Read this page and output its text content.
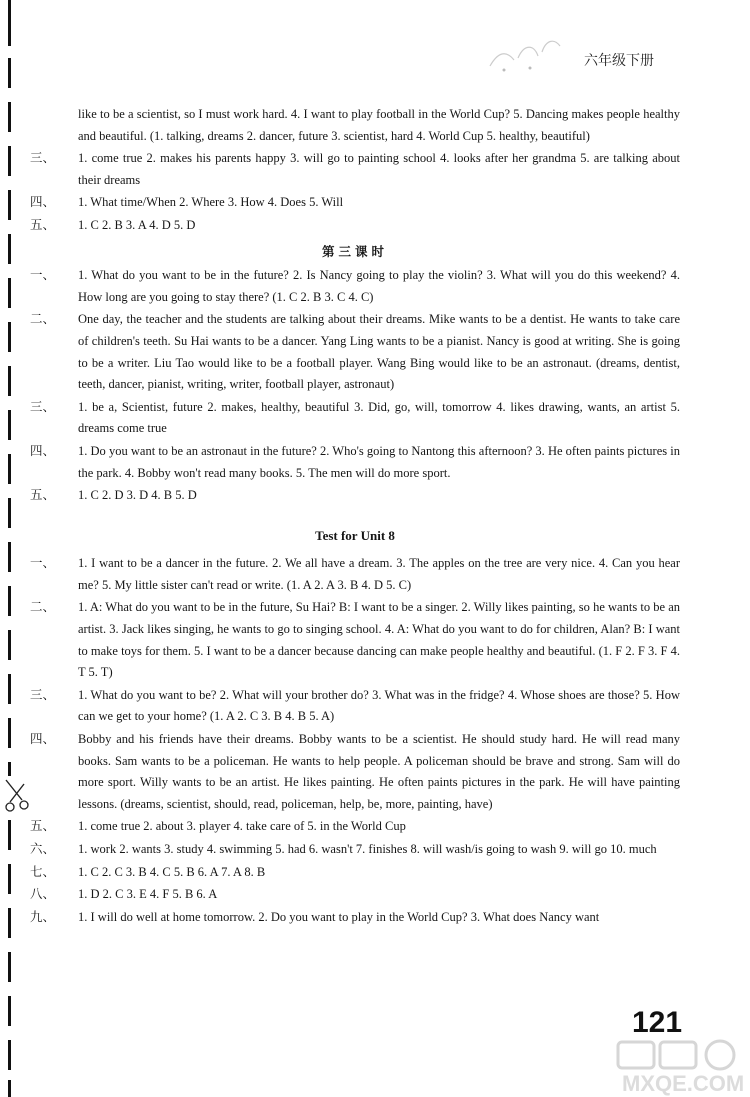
六年级下册

like to be a scientist, so I must work hard. 4. I want to play football in the World Cup? 5. Dancing makes people healthy and beautiful. (1. talking, dreams 2. dancer, future 3. scientist, hard 4. World Cup 5. healthy, beautiful)

三、 1. come true 2. makes his parents happy 3. will go to painting school 4. looks after her grandma 5. are talking about their dreams

四、 1. What time/When 2. Where 3. How 4. Does 5. Will

五、 1. C 2. B 3. A 4. D 5. D

第三课时

一、 1. What do you want to be in the future? 2. Is Nancy going to play the violin? 3. What will you do this weekend? 4. How long are you going to stay there? (1. C 2. B 3. C 4. C)

二、 One day, the teacher and the students are talking about their dreams. Mike wants to be a dentist. He wants to take care of children's teeth. Su Hai wants to be a dancer. Yang Ling wants to be a pianist. Nancy is good at writing. She is going to be a writer. Liu Tao would like to be a football player. Wang Bing would like to be an astronaut. (dreams, dentist, teeth, dancer, pianist, writing, writer, football player, astronaut)

三、 1. be a, Scientist, future 2. makes, healthy, beautiful 3. Did, go, will, tomorrow 4. likes drawing, wants, an artist 5. dreams come true

四、 1. Do you want to be an astronaut in the future? 2. Who's going to Nantong this afternoon? 3. He often paints pictures in the park. 4. Bobby won't read many books. 5. The men will do more sport.

五、 1. C 2. D 3. D 4. B 5. D

Test for Unit 8

一、 1. I want to be a dancer in the future. 2. We all have a dream. 3. The apples on the tree are very nice. 4. Can you hear me? 5. My little sister can't read or write. (1. A 2. A 3. B 4. D 5. C)

二、 1. A: What do you want to be in the future, Su Hai? B: I want to be a singer. 2. Willy likes painting, so he wants to be an artist. 3. Jack likes singing, he wants to go to singing school. 4. A: What do you want to do for children, Alan? B: I want to make toys for them. 5. I want to be a dancer because dancing can make people healthy and beautiful. (1. F 2. F 3. F 4. T 5. T)

三、 1. What do you want to be? 2. What will your brother do? 3. What was in the fridge? 4. Whose shoes are those? 5. How can we get to your home? (1. A 2. C 3. B 4. B 5. A)

四、 Bobby and his friends have their dreams. Bobby wants to be a scientist. He should study hard. He will read many books. Sam wants to be a policeman. He wants to help people. A policeman should be brave and strong. Sam will do more sport. Willy wants to be an artist. He likes painting. He often paints pictures in the park. He will have painting lessons. (dreams, scientist, should, read, policeman, help, be, more, painting, have)

五、 1. come true 2. about 3. player 4. take care of 5. in the World Cup

六、 1. work 2. wants 3. study 4. swimming 5. had 6. wasn't 7. finishes 8. will wash/is going to wash 9. will go 10. much

七、 1. C 2. C 3. B 4. C 5. B 6. A 7. A 8. B

八、 1. D 2. C 3. E 4. F 5. B 6. A

九、 1. I will do well at home tomorrow. 2. Do you want to play in the World Cup? 3. What does Nancy want

121
MXQE.COM
